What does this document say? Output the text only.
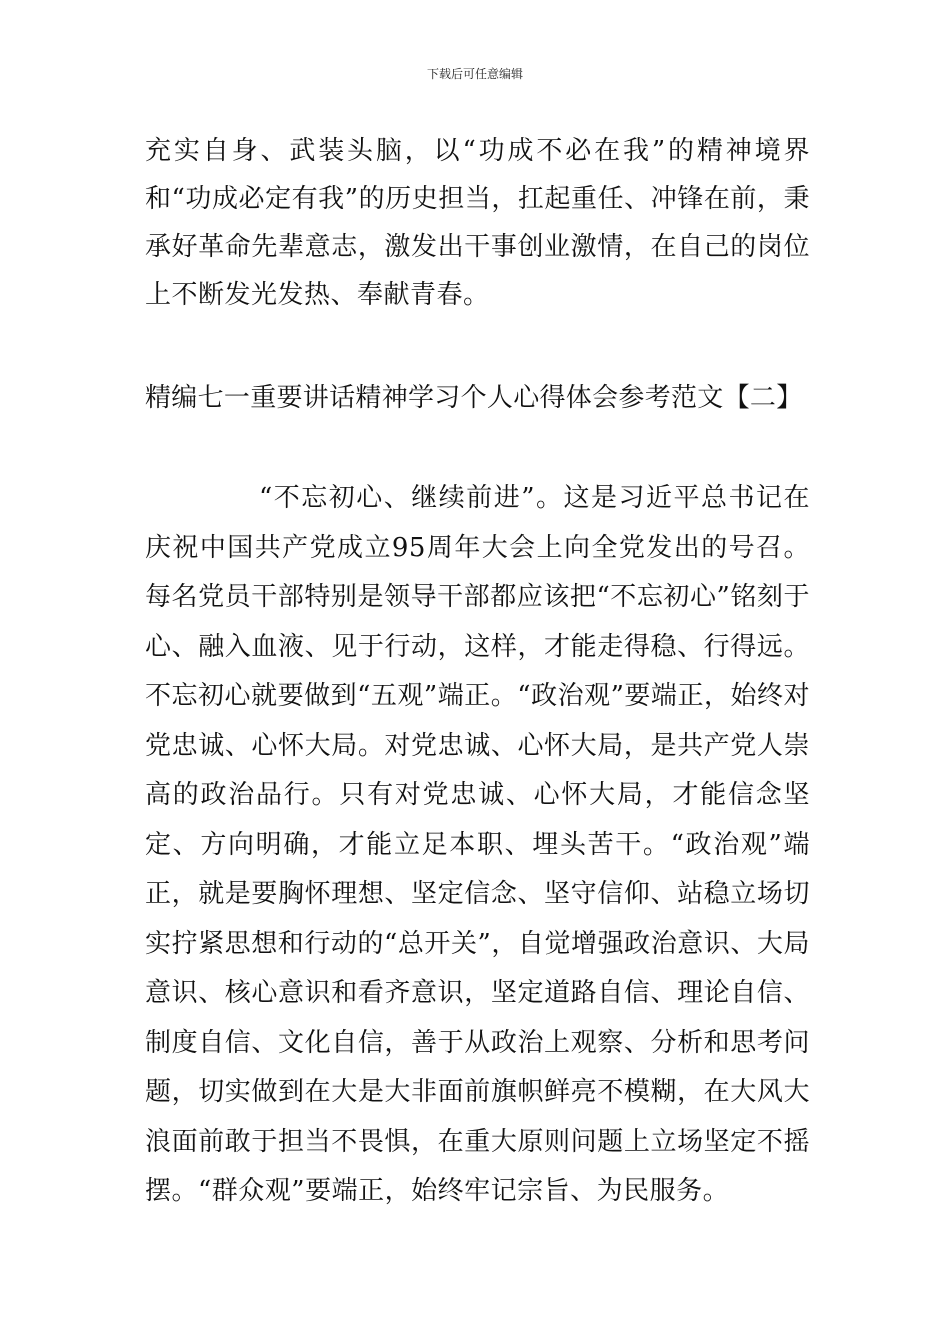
下载后可任意编辑

充实自身、武装头脑，以“功成不必在我”的精神境界和“功成必定有我”的历史担当，扛起重任、冲锋在前，秉承好革命先辈意志，激发出干事创业激情，在自己的岗位上不断发光发热、奉献青春。

精编七一重要讲话精神学习个人心得体会参考范文【二】

“不忘初心、继续前进”。这是习近平总书记在庆祝中国共产党成立95周年大会上向全党发出的号召。每名党员干部特别是领导干部都应该把“不忘初心”铭刻于心、融入血液、见于行动，这样，才能走得稳、行得远。不忘初心就要做到“五观”端正。“政治观”要端正，始终对党忠诚、心怀大局。对党忠诚、心怀大局，是共产党人崇高的政治品行。只有对党忠诚、心怀大局，才能信念坚定、方向明确，才能立足本职、埋头苦干。“政治观”端正，就是要胸怀理想、坚定信念、坚守信仰、站稳立场切实拧紧思想和行动的“总开关”，自觉增强政治意识、大局意识、核心意识和看齐意识，坚定道路自信、理论自信、制度自信、文化自信，善于从政治上观察、分析和思考问题，切实做到在大是大非面前旗帜鲜亮不模糊，在大风大浪面前敢于担当不畏惧，在重大原则问题上立场坚定不摇摆。“群众观”要端正，始终牢记宗旨、为民服务。
